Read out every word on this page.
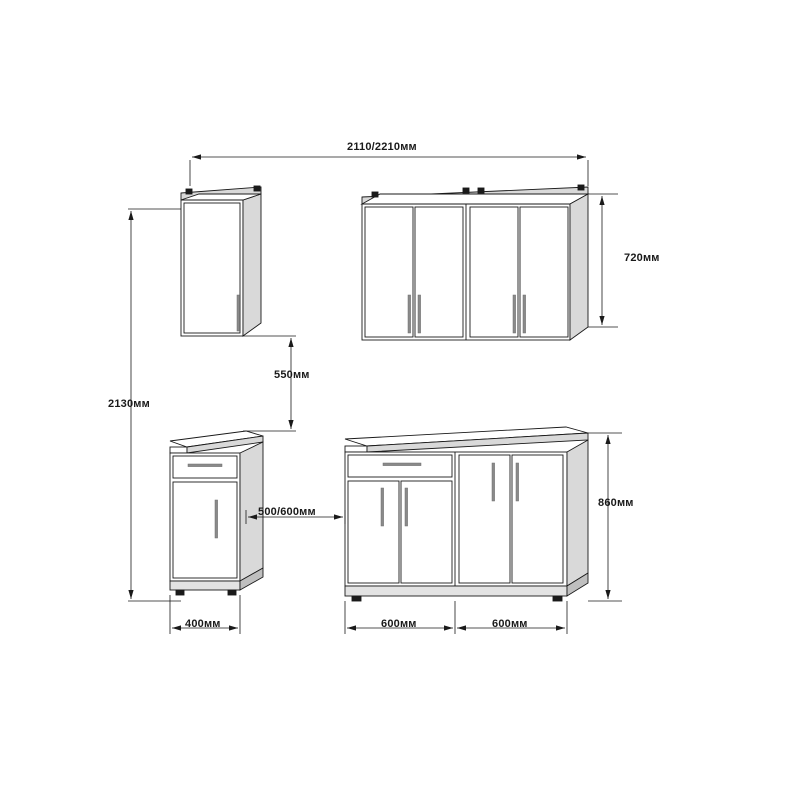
2110/2210мм
720мм
550мм
2130мм
860мм
500/600мм
400мм	600мм	600мм
